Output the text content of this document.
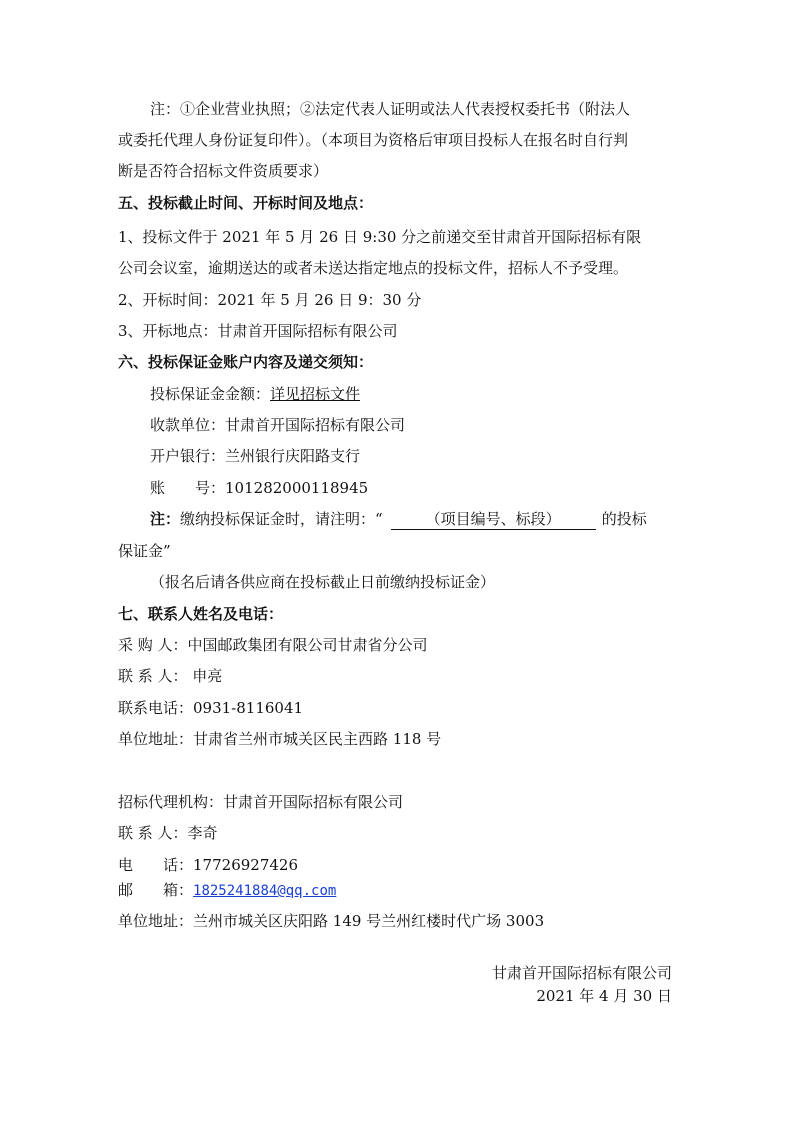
注：①企业营业执照；②法定代表人证明或法人代表授权委托书（附法人
或委托代理人身份证复印件）。（本项目为资格后审项目投标人在报名时自行判
断是否符合招标文件资质要求）
五、投标截止时间、开标时间及地点：
1、投标文件于 2021 年 5 月 26 日 9:30 分之前递交至甘肃首开国际招标有限
公司会议室，逾期送达的或者未送达指定地点的投标文件，招标人不予受理。
2、开标时间：2021 年 5 月 26 日 9：30 分
3、开标地点：甘肃首开国际招标有限公司
六、投标保证金账户内容及递交须知：
投标保证金金额：详见招标文件
收款单位：甘肃首开国际招标有限公司
开户银行：兰州银行庆阳路支行
账　　号：101282000118945
注：缴纳投标保证金时，请注明：“	（项目编号、标段）	的投标
保证金”
（报名后请各供应商在投标截止日前缴纳投标证金）
七、联系人姓名及电话：
采 购 人：中国邮政集团有限公司甘肃省分公司
联 系 人： 申亮
联系电话：0931-8116041
单位地址：甘肃省兰州市城关区民主西路 118 号
招标代理机构：甘肃首开国际招标有限公司
联 系 人：李奇
电　　话：17726927426
邮　　箱：1825241884@qq.com
单位地址：兰州市城关区庆阳路 149 号兰州红楼时代广场 3003
甘肃首开国际招标有限公司
2021 年 4 月 30 日
